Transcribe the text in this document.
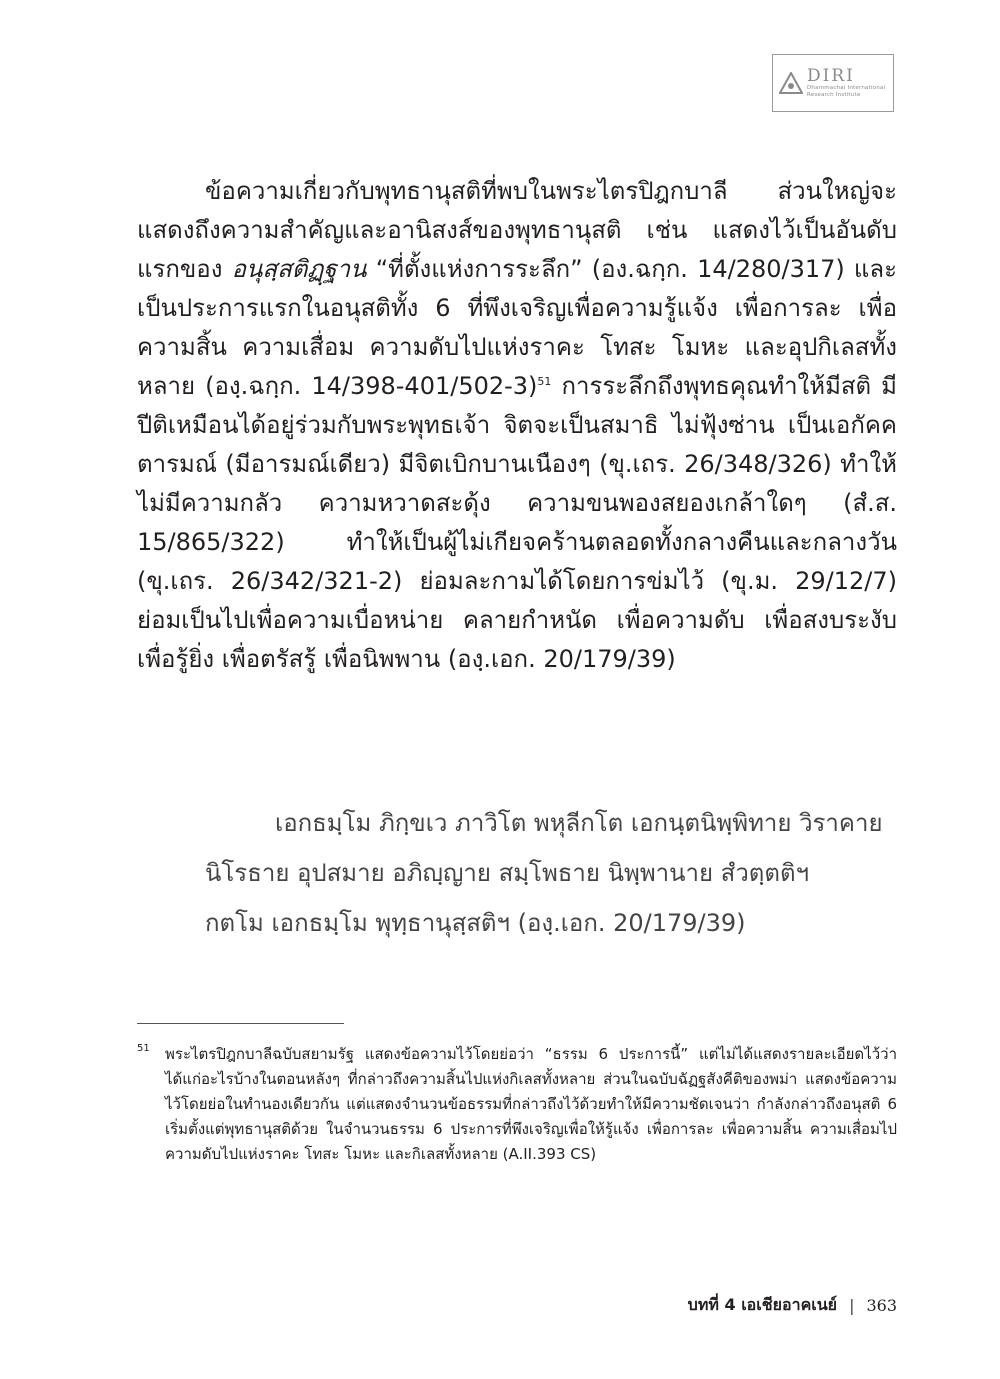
DIRI
Dhammachai International
Research Institute

ข้อความเกี่ยวกับพุทธานุสติที่พบในพระไตรปิฎกบาลี ส่วนใหญ่จะแสดงถึงความสำคัญและอานิสงส์ของพุทธานุสติ เช่น แสดงไว้เป็นอันดับแรกของ อนุสฺสติฏฺฐาน “ที่ตั้งแห่งการระลึก” (อง.ฉกฺก. 14/280/317) และเป็นประการแรกในอนุสติทั้ง 6 ที่พึงเจริญเพื่อความรู้แจ้ง เพื่อการละ เพื่อความสิ้น ความเสื่อม ความดับไปแห่งราคะ โทสะ โมหะ และอุปกิเลสทั้งหลาย (องฺ.ฉกฺก. 14/398-401/502-3)$^{51}$ การระลึกถึงพุทธคุณทำให้มีสติ มีปีติเหมือนได้อยู่ร่วมกับพระพุทธเจ้า จิตจะเป็นสมาธิ ไม่ฟุ้งซ่าน เป็นเอกัคคตารมณ์ (มีอารมณ์เดียว) มีจิตเบิกบานเนืองๆ (ขุ.เถร. 26/348/326) ทำให้ไม่มีความกลัว ความหวาดสะดุ้ง ความขนพองสยองเกล้าใดๆ (สํ.ส. 15/865/322) ทำให้เป็นผู้ไม่เกียจคร้านตลอดทั้งกลางคืนและกลางวัน (ขุ.เถร. 26/342/321-2) ย่อมละกามได้โดยการข่มไว้ (ขุ.ม. 29/12/7) ย่อมเป็นไปเพื่อความเบื่อหน่าย คลายกำหนัด เพื่อความดับ เพื่อสงบระงับ เพื่อรู้ยิ่ง เพื่อตรัสรู้ เพื่อนิพพาน (องฺ.เอก. 20/179/39)

เอกธมฺโม ภิกฺขเว ภาวิโต พหุลีกโต เอกนฺตนิพฺพิทาย วิราคาย

นิโรธาย อุปสมาย อภิญฺญาย สมฺโพธาย นิพฺพานาย สํวตฺตติฯ

กตโม เอกธมฺโม พุทฺธานุสฺสติฯ (องฺ.เอก. 20/179/39)

51 พระไตรปิฎกบาลีฉบับสยามรัฐ แสดงข้อความไว้โดยย่อว่า “ธรรม 6 ประการนี้” แต่ไม่ได้แสดงรายละเอียดไว้ว่าได้แก่อะไรบ้างในตอนหลังๆ ที่กล่าวถึงความสิ้นไปแห่งกิเลสทั้งหลาย ส่วนในฉบับฉัฏฐสังคีติของพม่า แสดงข้อความไว้โดยย่อในทำนองเดียวกัน แต่แสดงจำนวนข้อธรรมที่กล่าวถึงไว้ด้วยทำให้มีความชัดเจนว่า กำลังกล่าวถึงอนุสติ 6 เริ่มตั้งแต่พุทธานุสติด้วย ในจำนวนธรรม 6 ประการที่พึงเจริญเพื่อให้รู้แจ้ง เพื่อการละ เพื่อความสิ้น ความเสื่อมไป ความดับไปแห่งราคะ โทสะ โมหะ และกิเลสทั้งหลาย (A.II.393 CS)
บทที่ 4 เอเชียอาคเนย์ | 363
